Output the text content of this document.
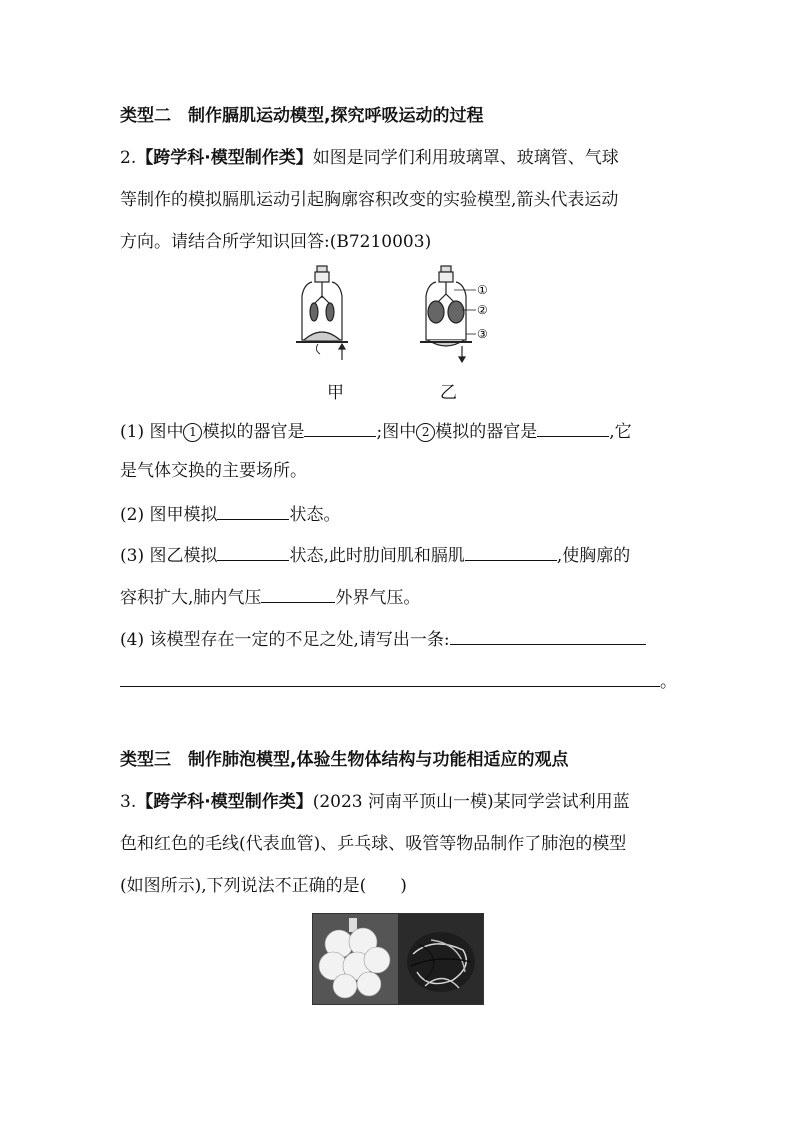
类型二　制作膈肌运动模型,探究呼吸运动的过程
2.【跨学科·模型制作类】如图是同学们利用玻璃罩、玻璃管、气球
等制作的模拟膈肌运动引起胸廓容积改变的实验模型,箭头代表运动
方向。请结合所学知识回答:(B7210003)
①
②
③
甲	乙
(1) 图中 1 模拟的器官是	;图中 2 模拟的器官是	,它
是气体交换的主要场所。
(2) 图甲模拟	状态。
(3) 图乙模拟	状态,此时肋间肌和膈肌	,使胸廓的
容积扩大,肺内气压	外界气压。
(4) 该模型存在一定的不足之处,请写出一条:
。
类型三　制作肺泡模型,体验生物体结构与功能相适应的观点
3.【跨学科·模型制作类】(2023 河南平顶山一模)某同学尝试利用蓝
色和红色的毛线(代表血管)、乒乓球、吸管等物品制作了肺泡的模型
(如图所示),下列说法不正确的是(　　)
